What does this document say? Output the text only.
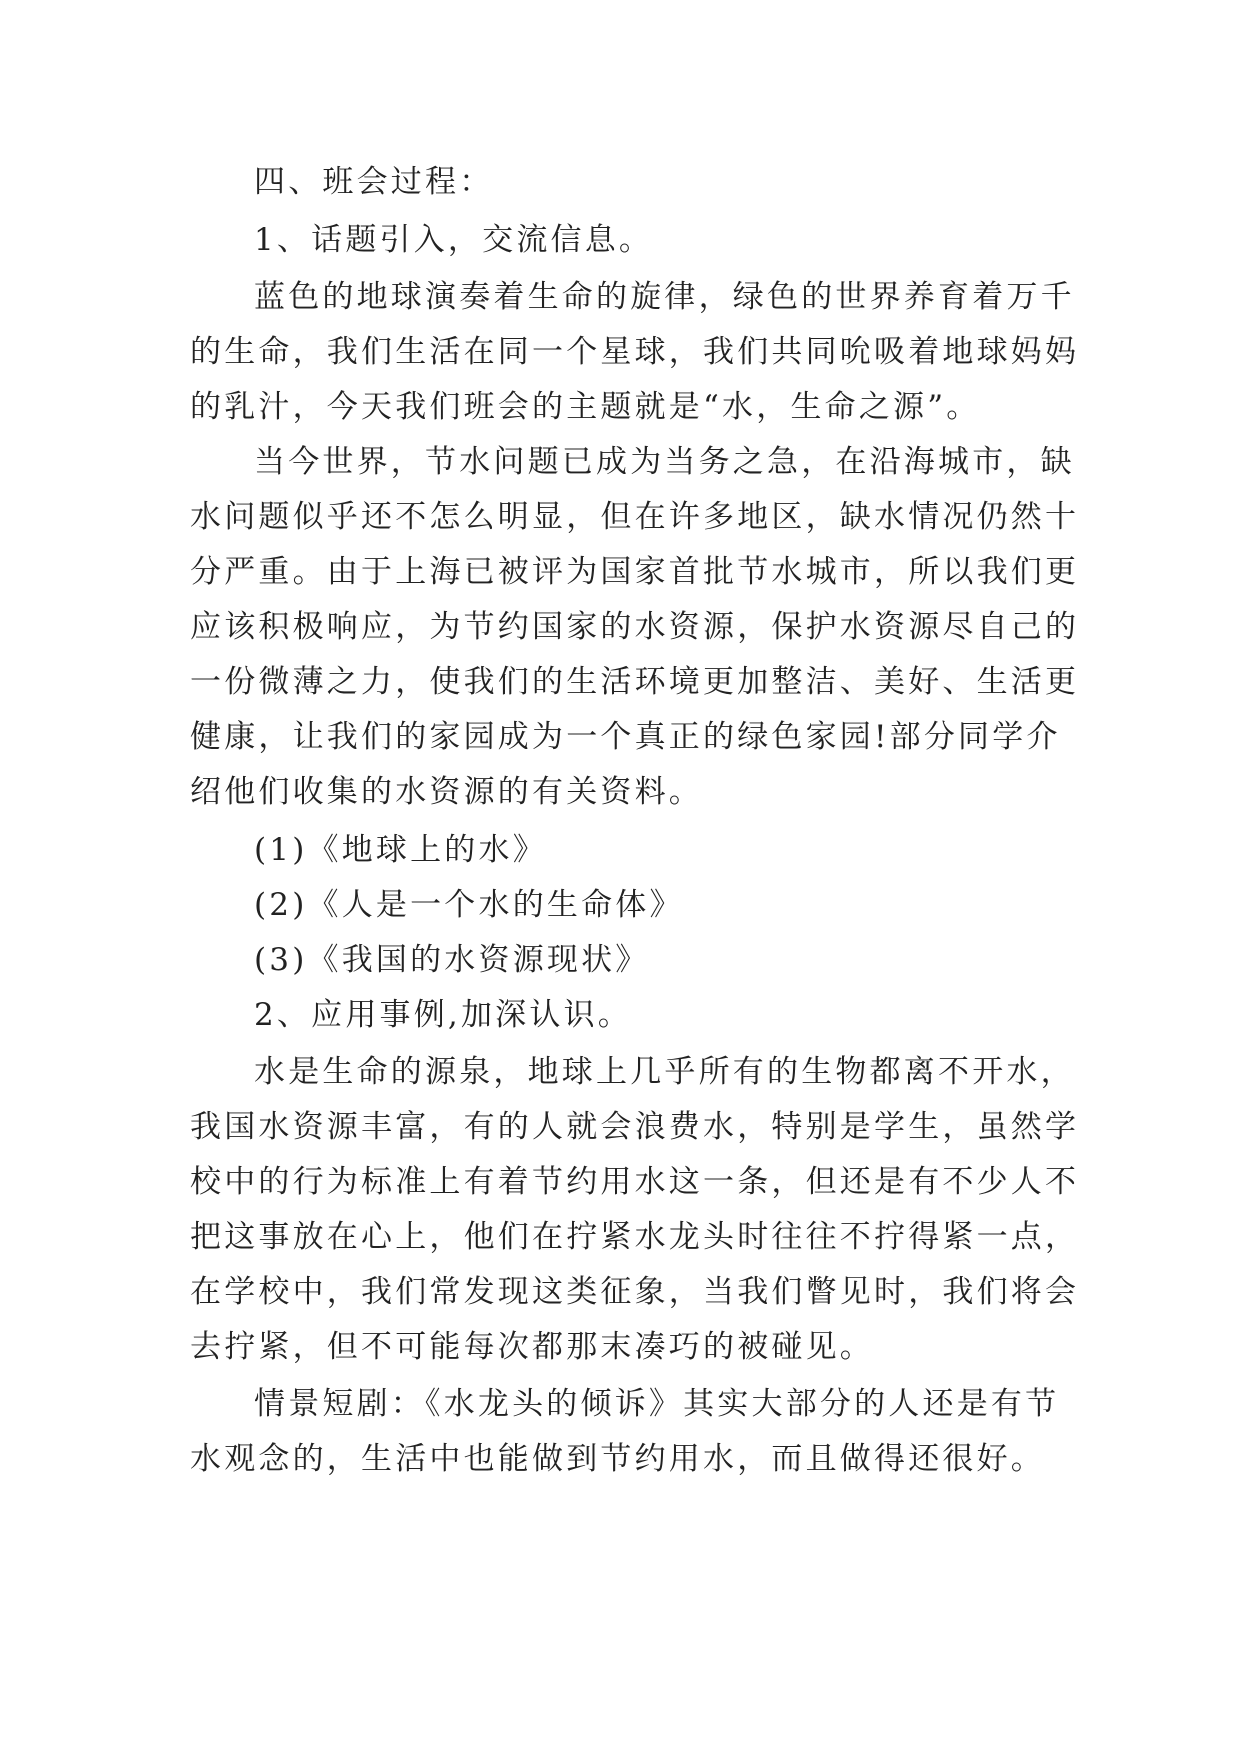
四、班会过程：
1、话题引入，交流信息。
蓝色的地球演奏着生命的旋律，绿色的世界养育着万千
的生命，我们生活在同一个星球，我们共同吮吸着地球妈妈
的乳汁，今天我们班会的主题就是“水，生命之源”。
当今世界，节水问题已成为当务之急，在沿海城市，缺
水问题似乎还不怎么明显，但在许多地区，缺水情况仍然十
分严重。由于上海已被评为国家首批节水城市，所以我们更
应该积极响应，为节约国家的水资源，保护水资源尽自己的
一份微薄之力，使我们的生活环境更加整洁、美好、生活更
健康，让我们的家园成为一个真正的绿色家园!部分同学介
绍他们收集的水资源的有关资料。
(1)《地球上的水》
(2)《人是一个水的生命体》
(3)《我国的水资源现状》
2、应用事例,加深认识。
水是生命的源泉，地球上几乎所有的生物都离不开水，
我国水资源丰富，有的人就会浪费水，特别是学生，虽然学
校中的行为标准上有着节约用水这一条，但还是有不少人不
把这事放在心上，他们在拧紧水龙头时往往不拧得紧一点，
在学校中，我们常发现这类征象，当我们瞥见时，我们将会
去拧紧，但不可能每次都那末凑巧的被碰见。
情景短剧：《水龙头的倾诉》其实大部分的人还是有节
水观念的，生活中也能做到节约用水，而且做得还很好。
